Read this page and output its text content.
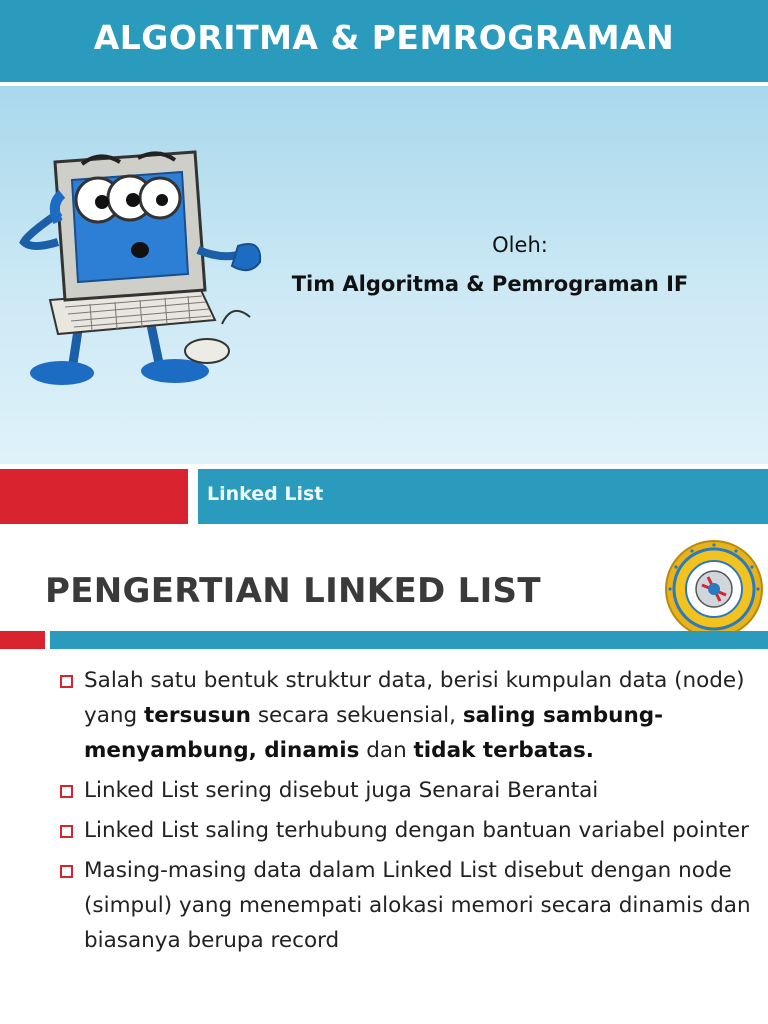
ALGORITMA & PEMROGRAMAN
Oleh:
Tim Algoritma & Pemrograman IF
Linked List
PENGERTIAN LINKED LIST
Salah satu bentuk struktur data, berisi kumpulan data (node) yang tersusun secara sekuensial, saling sambung-menyambung, dinamis dan tidak terbatas.
Linked List sering disebut juga Senarai Berantai
Linked List saling terhubung dengan bantuan variabel pointer
Masing-masing data dalam Linked List disebut dengan node (simpul) yang menempati alokasi memori secara dinamis dan biasanya berupa record
